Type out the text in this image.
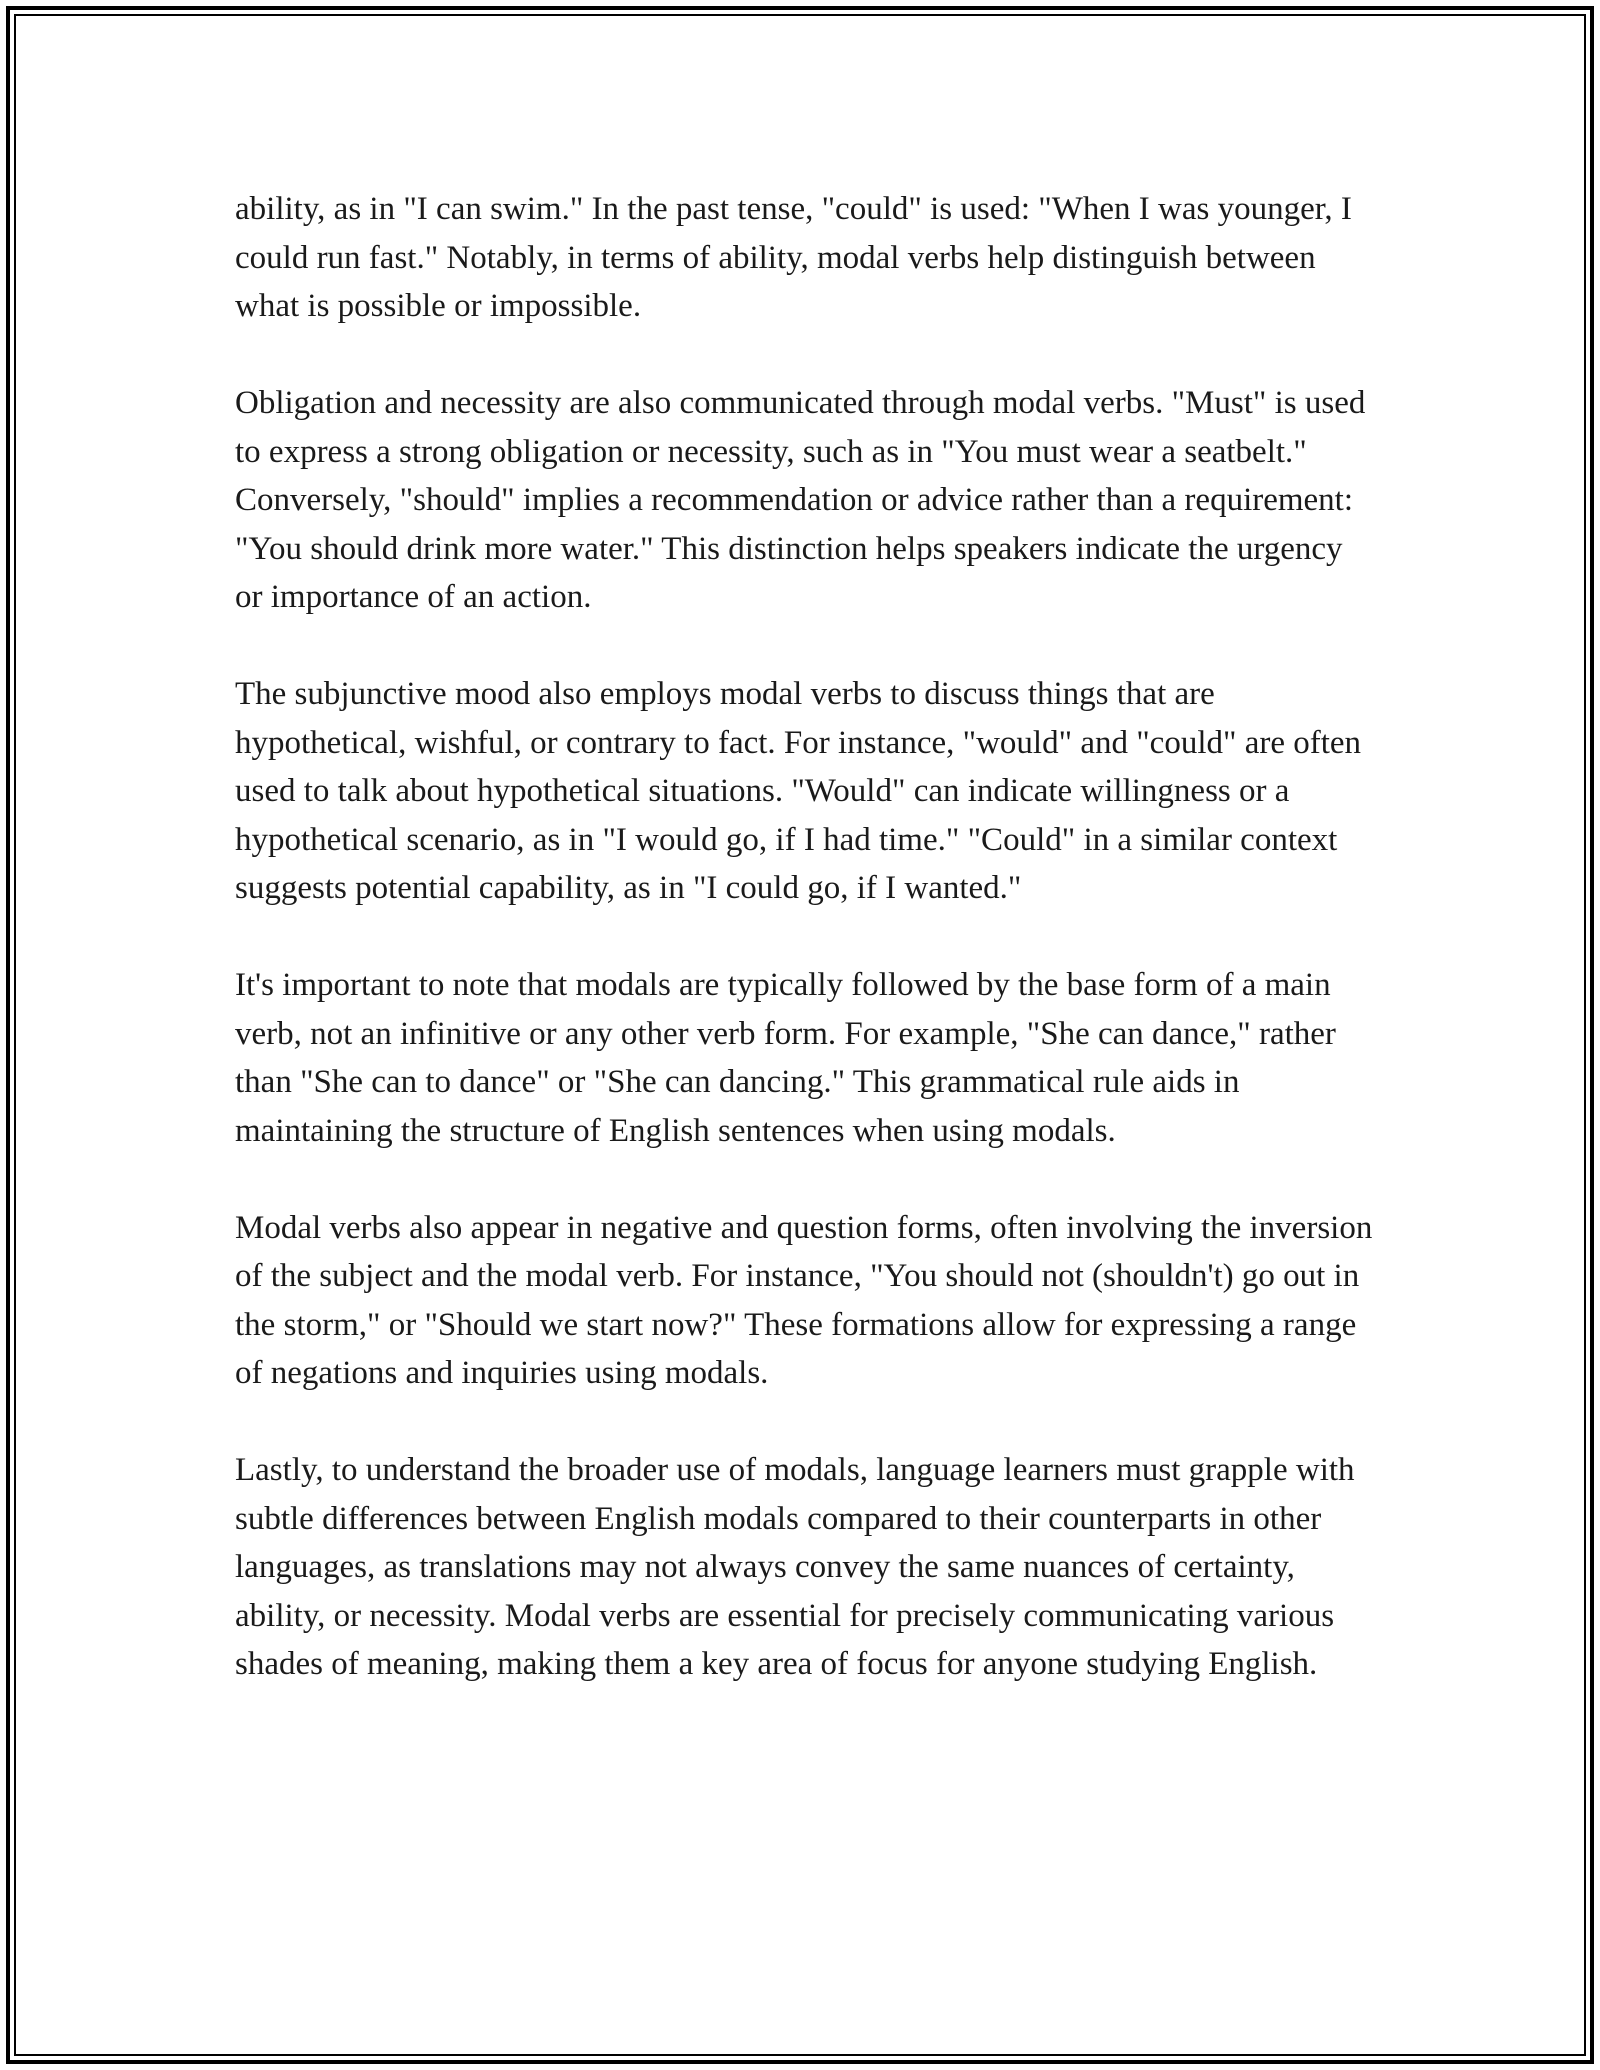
ability, as in "I can swim." In the past tense, "could" is used: "When I was younger, I could run fast." Notably, in terms of ability, modal verbs help distinguish between what is possible or impossible.

Obligation and necessity are also communicated through modal verbs. "Must" is used to express a strong obligation or necessity, such as in "You must wear a seatbelt." Conversely, "should" implies a recommendation or advice rather than a requirement: "You should drink more water." This distinction helps speakers indicate the urgency or importance of an action.

The subjunctive mood also employs modal verbs to discuss things that are hypothetical, wishful, or contrary to fact. For instance, "would" and "could" are often used to talk about hypothetical situations. "Would" can indicate willingness or a hypothetical scenario, as in "I would go, if I had time." "Could" in a similar context suggests potential capability, as in "I could go, if I wanted."

It's important to note that modals are typically followed by the base form of a main verb, not an infinitive or any other verb form. For example, "She can dance," rather than "She can to dance" or "She can dancing." This grammatical rule aids in maintaining the structure of English sentences when using modals.

Modal verbs also appear in negative and question forms, often involving the inversion of the subject and the modal verb. For instance, "You should not (shouldn't) go out in the storm," or "Should we start now?" These formations allow for expressing a range of negations and inquiries using modals.

Lastly, to understand the broader use of modals, language learners must grapple with subtle differences between English modals compared to their counterparts in other languages, as translations may not always convey the same nuances of certainty, ability, or necessity. Modal verbs are essential for precisely communicating various shades of meaning, making them a key area of focus for anyone studying English.
